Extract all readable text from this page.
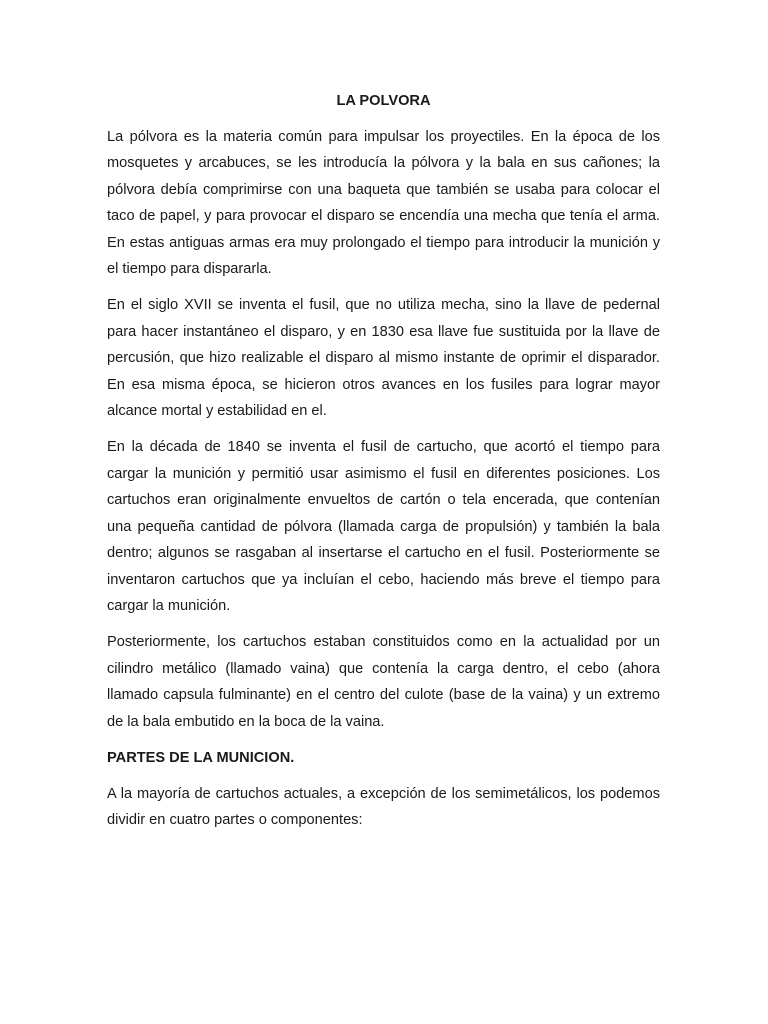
LA POLVORA

La pólvora es la materia común para impulsar los proyectiles. En la época de los mosquetes y arcabuces, se les introducía la pólvora y la bala en sus cañones; la pólvora debía comprimirse con una baqueta que también se usaba para colocar el taco de papel, y para provocar el disparo se encendía una mecha que tenía el arma. En estas antiguas armas era muy prolongado el tiempo para introducir la munición y el tiempo para dispararla.

En el siglo XVII se inventa el fusil, que no utiliza mecha, sino la llave de pedernal para hacer instantáneo el disparo, y en 1830 esa llave fue sustituida por la llave de percusión, que hizo realizable el disparo al mismo instante de oprimir el disparador. En esa misma época, se hicieron otros avances en los fusiles para lograr mayor alcance mortal y estabilidad en el.

En la década de 1840 se inventa el fusil de cartucho, que acortó el tiempo para cargar la munición y permitió usar asimismo el fusil en diferentes posiciones. Los cartuchos eran originalmente envueltos de cartón o tela encerada, que contenían una pequeña cantidad de pólvora (llamada carga de propulsión) y también la bala dentro; algunos se rasgaban al insertarse el cartucho en el fusil. Posteriormente se inventaron cartuchos que ya incluían el cebo, haciendo más breve el tiempo para cargar la munición.

Posteriormente, los cartuchos estaban constituidos como en la actualidad por un cilindro metálico (llamado vaina) que contenía la carga dentro, el cebo (ahora llamado capsula fulminante) en el centro del culote (base de la vaina) y un extremo de la bala embutido en la boca de la vaina.

PARTES DE LA MUNICION.

A la mayoría de cartuchos actuales, a excepción de los semimetálicos, los podemos dividir en cuatro partes o componentes:
